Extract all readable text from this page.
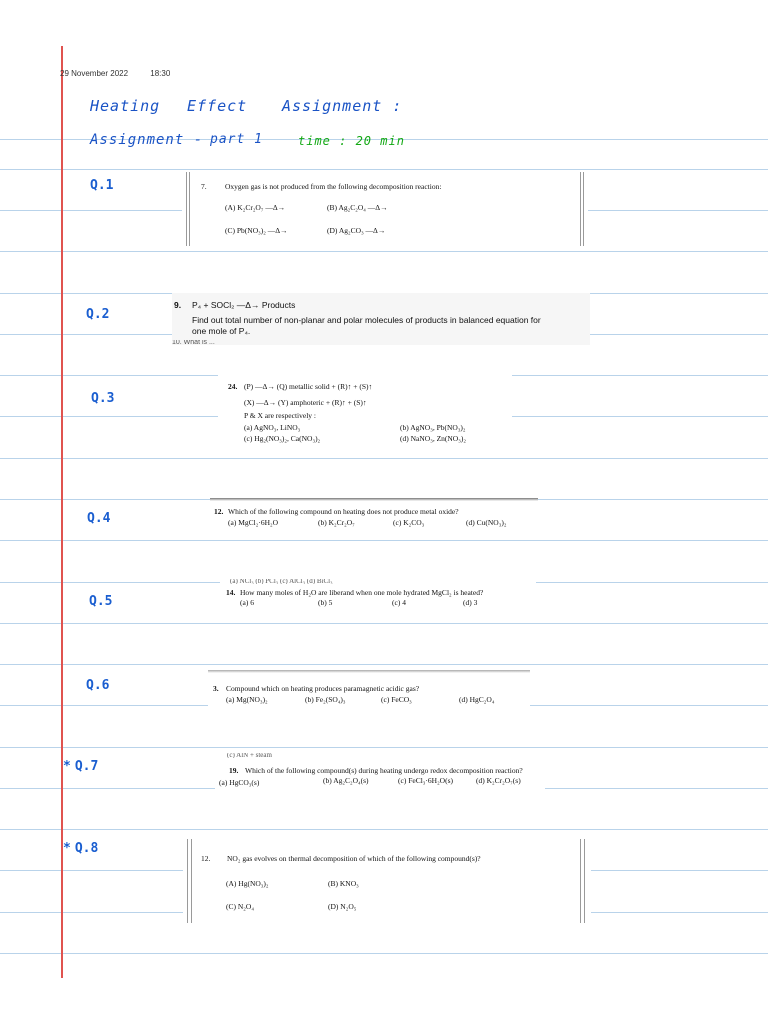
29 November 2022	18:30
Heating Effect Assignment :
Assignment - part 1	time : 20 min
Q.1
Q.2
Q.3
Q.4
Q.5
Q.6
* Q.7
* Q.8
7. Oxygen gas is not produced from the following decomposition reaction:
(A) K₂Cr₂O₇ —Δ→	(B) Ag₂C₂O₄ —Δ→
(C) Pb(NO₃)₂ —Δ→	(D) Ag₂CO₃ —Δ→
9. P₄ + SOCl₂ —Δ→ Products
Find out total number of non-planar and polar molecules of products in balanced equation for
one mole of P₄.
10. What is ...
24. (P) —Δ→ (Q) metallic solid + (R)↑ + (S)↑
(X) —Δ→ (Y) amphoteric + (R)↑ + (S)↑
P & X are respectively :
(a) AgNO₃, LiNO₃	(b) AgNO₃, Pb(NO₃)₂
(c) Hg₂(NO₃)₂, Ca(NO₃)₂	(d) NaNO₃, Zn(NO₃)₂
12. Which of the following compound on heating does not produce metal oxide?
(a) MgCl₂·6H₂O	(b) K₂Cr₂O₇	(c) K₂CO₃	(d) Cu(NO₃)₂
(a) NCl₃ (b) PCl₃ (c) AlCl₃ (d) BiCl₃
14. How many moles of H₂O are liberand when one mole hydrated MgCl₂ is heated?
(a) 6	(b) 5	(c) 4	(d) 3
3. Compound which on heating produces paramagnetic acidic gas?
(a) Mg(NO₃)₂	(b) Fe₂(SO₄)₃	(c) FeCO₃	(d) HgC₂O₄
(c) AlN + steam
19. Which of the following compound(s) during heating undergo redox decomposition reaction?
(a) HgCO₃(s)	(b) Ag₂C₂O₄(s)	(c) FeCl₃·6H₂O(s)	(d) K₂Cr₂O₇(s)
12. NO₂ gas evolves on thermal decomposition of which of the following compound(s)?
(A) Hg(NO₃)₂	(B) KNO₃
(C) N₂O₄	(D) N₂O₅
